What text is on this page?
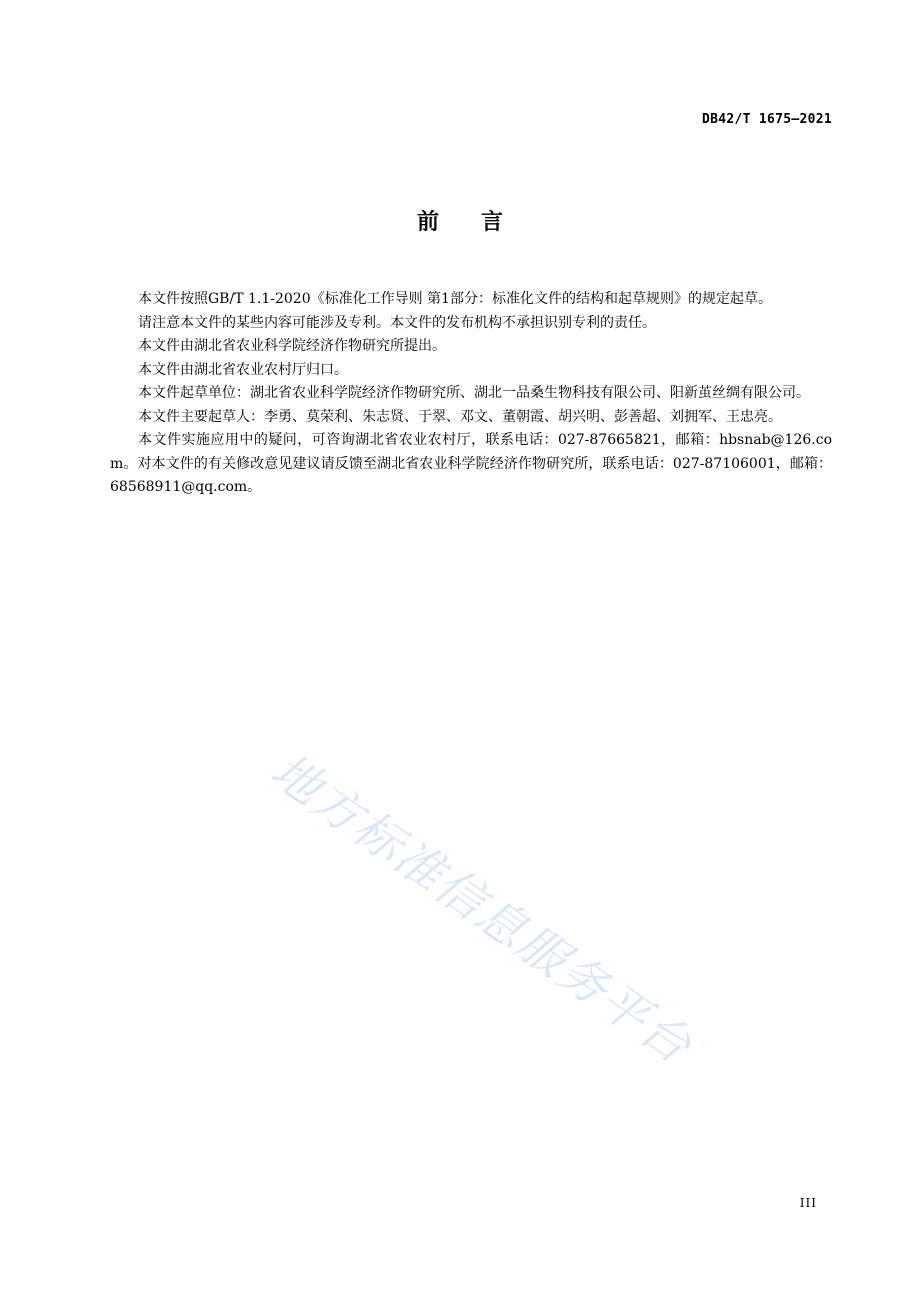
DB42/T 1675—2021
前言

本文件按照GB/T 1.1-2020《标准化工作导则 第1部分：标准化文件的结构和起草规则》的规定起草。

请注意本文件的某些内容可能涉及专利。本文件的发布机构不承担识别专利的责任。

本文件由湖北省农业科学院经济作物研究所提出。

本文件由湖北省农业农村厅归口。

本文件起草单位：湖北省农业科学院经济作物研究所、湖北一品桑生物科技有限公司、阳新茧丝绸有限公司。

本文件主要起草人：李勇、莫荣利、朱志贤、于翠、邓文、董朝霞、胡兴明、彭善超、刘拥军、王忠亮。

本文件实施应用中的疑问，可咨询湖北省农业农村厅，联系电话：027-87665821，邮箱：hbsnab@126.com。对本文件的有关修改意见建议请反馈至湖北省农业科学院经济作物研究所，联系电话：027-87106001，邮箱：68568911@qq.com。

地方标准信息服务平台
III
